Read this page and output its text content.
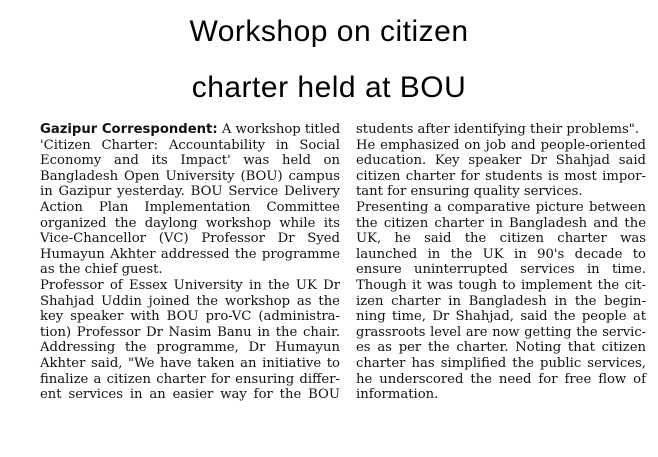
Workshop on citizen
charter held at BOU
Gazipur Correspondent: A workshop titled
'Citizen Charter: Accountability in Social
Economy and its Impact' was held on
Bangladesh Open University (BOU) campus
in Gazipur yesterday. BOU Service Delivery
Action Plan Implementation Committee
organized the daylong workshop while its
Vice-Chancellor (VC) Professor Dr Syed
Humayun Akhter addressed the programme
as the chief guest.
Professor of Essex University in the UK Dr
Shahjad Uddin joined the workshop as the
key speaker with BOU pro-VC (administra-
tion) Professor Dr Nasim Banu in the chair.
Addressing the programme, Dr Humayun
Akhter said, "We have taken an initiative to
finalize a citizen charter for ensuring differ-
ent services in an easier way for the BOU
students after identifying their problems".
He emphasized on job and people-oriented
education. Key speaker Dr Shahjad said
citizen charter for students is most impor-
tant for ensuring quality services.
Presenting a comparative picture between
the citizen charter in Bangladesh and the
UK, he said the citizen charter was
launched in the UK in 90's decade to
ensure uninterrupted services in time.
Though it was tough to implement the cit-
izen charter in Bangladesh in the begin-
ning time, Dr Shahjad, said the people at
grassroots level are now getting the servic-
es as per the charter. Noting that citizen
charter has simplified the public services,
he underscored the need for free flow of
information.
